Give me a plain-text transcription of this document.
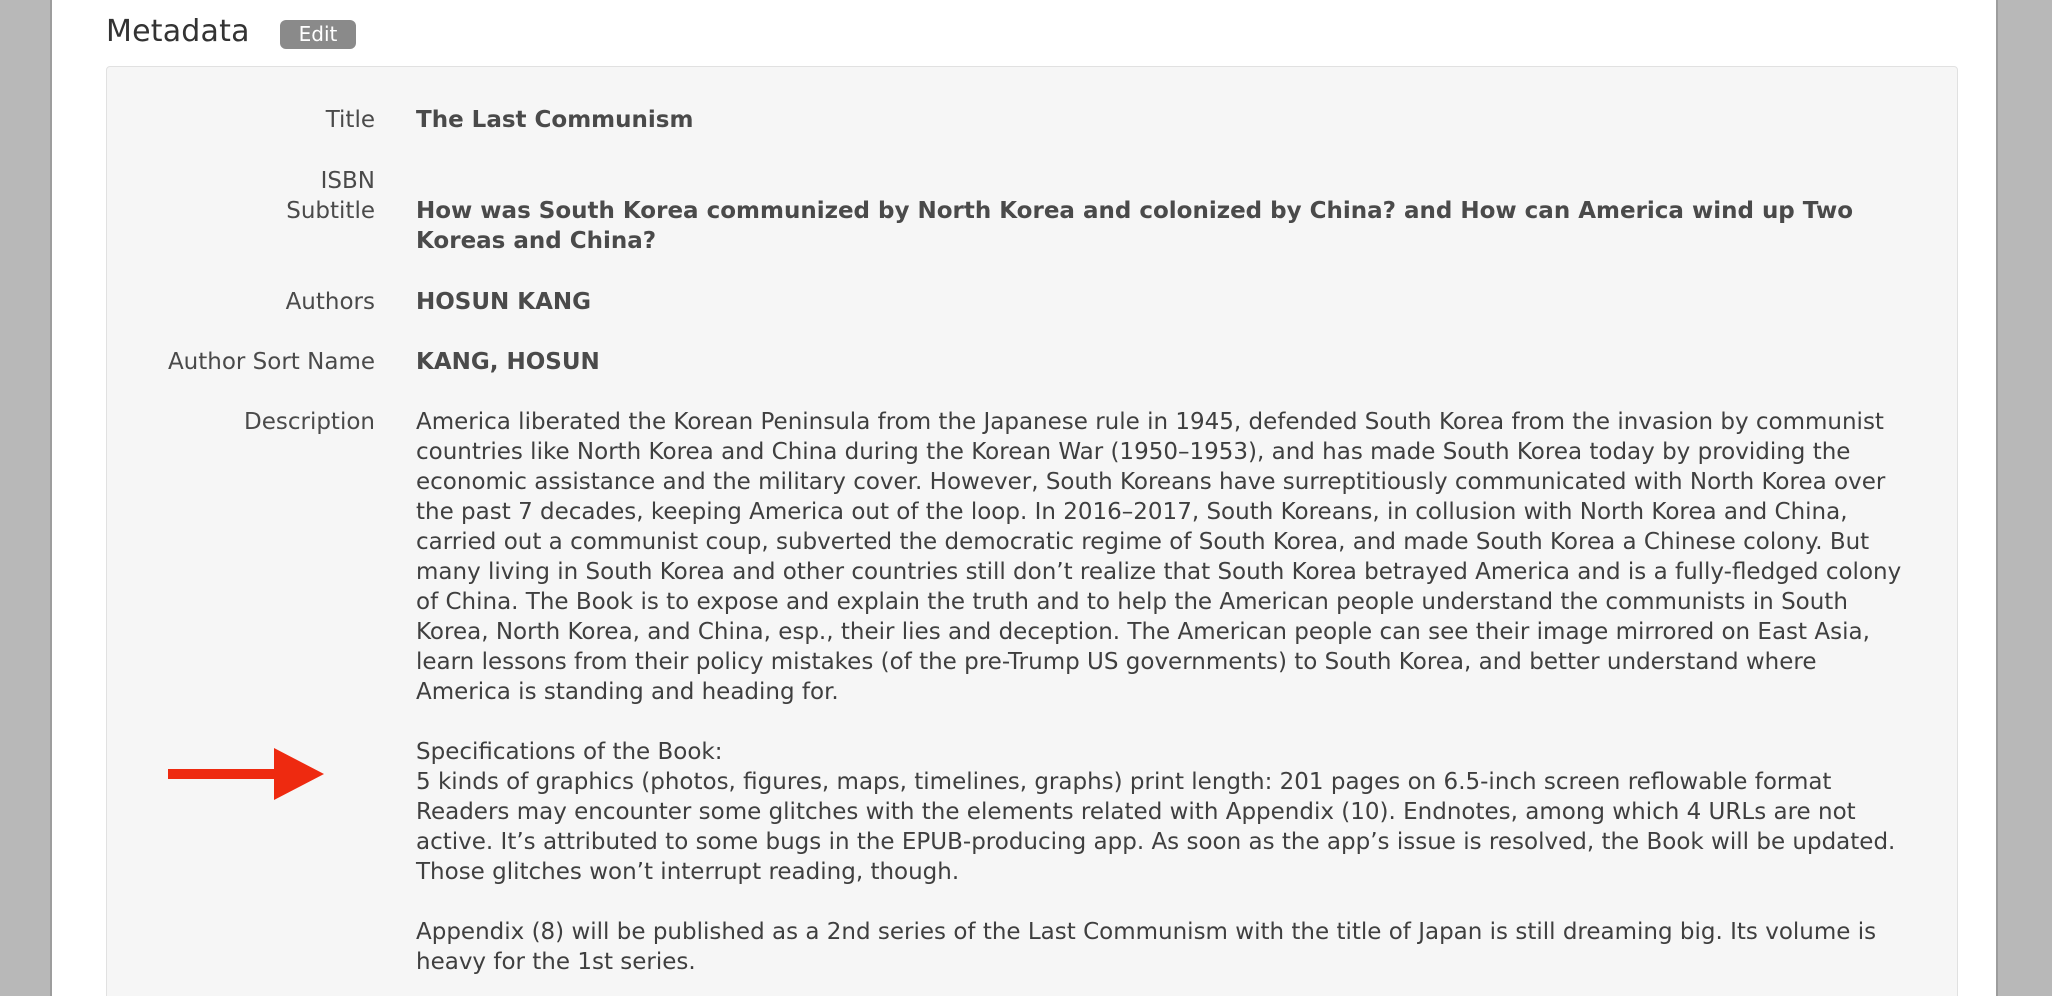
Metadata	Edit
Title The Last Communism
ISBN
Subtitle How was South Korea communized by North Korea and colonized by China? and How can America wind up Two Koreas and China?
Authors HOSUN KANG
Author Sort Name KANG, HOSUN
Description America liberated the Korean Peninsula from the Japanese rule in 1945, defended South Korea from the invasion by communist countries like North Korea and China during the Korean War (1950–1953), and has made South Korea today by providing the economic assistance and the military cover. However, South Koreans have surreptitiously communicated with North Korea over the past 7 decades, keeping America out of the loop. In 2016–2017, South Koreans, in collusion with North Korea and China, carried out a communist coup, subverted the democratic regime of South Korea, and made South Korea a Chinese colony. But many living in South Korea and other countries still don’t realize that South Korea betrayed America and is a fully-fledged colony of China. The Book is to expose and explain the truth and to help the American people understand the communists in South Korea, North Korea, and China, esp., their lies and deception. The American people can see their image mirrored on East Asia, learn lessons from their policy mistakes (of the pre-Trump US governments) to South Korea, and better understand where America is standing and heading for.

Specifications of the Book:
5 kinds of graphics (photos, figures, maps, timelines, graphs) print length: 201 pages on 6.5-inch screen reflowable format Readers may encounter some glitches with the elements related with Appendix (10). Endnotes, among which 4 URLs are not active. It’s attributed to some bugs in the EPUB-producing app. As soon as the app’s issue is resolved, the Book will be updated. Those glitches won’t interrupt reading, though.

Appendix (8) will be published as a 2nd series of the Last Communism with the title of Japan is still dreaming big. Its volume is heavy for the 1st series.
